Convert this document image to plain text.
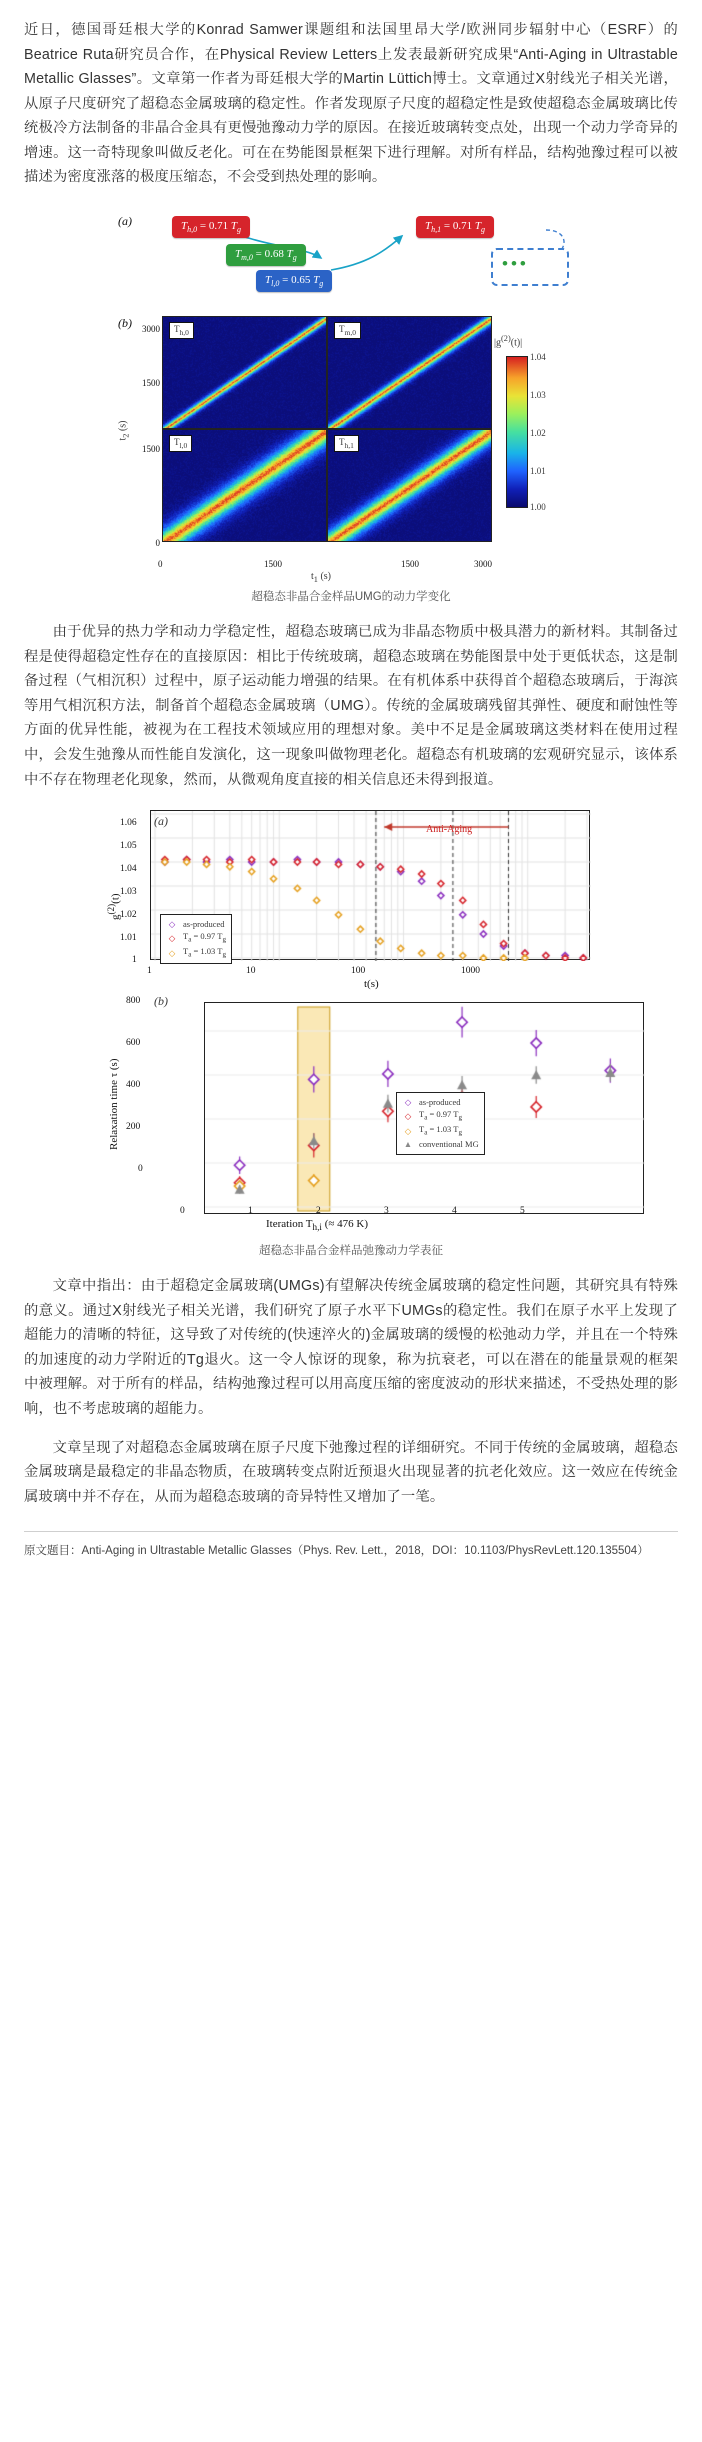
近日，德国哥廷根大学的Konrad Samwer课题组和法国里昂大学/欧洲同步辐射中心（ESRF）的Beatrice Ruta研究员合作，在Physical Review Letters上发表最新研究成果“Anti-Aging in Ultrastable Metallic Glasses”。文章第一作者为哥廷根大学的Martin Lüttich博士。文章通过X射线光子相关光谱，从原子尺度研究了超稳态金属玻璃的稳定性。作者发现原子尺度的超稳定性是致使超稳态金属玻璃比传统极冷方法制备的非晶合金具有更慢弛豫动力学的原因。在接近玻璃转变点处，出现一个动力学奇异的增速。这一奇特现象叫做反老化。可在在势能图景框架下进行理解。对所有样品，结构弛豫过程可以被描述为密度涨落的极度压缩态，不会受到热处理的影响。

(a)	$T_{h,0} = 0.71$ $T_g$
$T_{m,0} = 0.68$ $T_g$
$T_{l,0} = 0.65$ $T_g$
$T_{h,1} = 0.71$ $T_g$
•••
(b)	3000
1500
1500
0
$t_2$ (s)
$T_{h,0}$	$T_{m,0}$
$T_{l,0}$	$T_{h,1}$
0	1500	1500	3000
$t_1$ (s)
$|g^{(2)}(t)|$
1.04
1.03
1.02
1.01
1.00
超稳态非晶合金样品UMG的动力学变化

由于优异的热力学和动力学稳定性，超稳态玻璃已成为非晶态物质中极具潜力的新材料。其制备过程是使得超稳定性存在的直接原因：相比于传统玻璃，超稳态玻璃在势能图景中处于更低状态，这是制备过程（气相沉积）过程中，原子运动能力增强的结果。在有机体系中获得首个超稳态玻璃后，于海滨等用气相沉积方法，制备首个超稳态金属玻璃（UMG）。传统的金属玻璃残留其弹性、硬度和耐蚀性等方面的优异性能，被视为在工程技术领域应用的理想对象。美中不足是金属玻璃这类材料在使用过程中，会发生弛豫从而性能自发演化，这一现象叫做物理老化。超稳态有机玻璃的宏观研究显示，该体系中不存在物理老化现象，然而，从微观角度直接的相关信息还未得到报道。

(a)
1.06
1.05
1.04
1.03
1.02
1.01
1
$g^{(2)}(t)$
1	10	100	1000
t(s)
Anti-Aging
◇ as-produced
◇ $T_a = 0.97$ $T_g$
◇ $T_a = 1.03$ $T_g$
(b)
800
600
400
200
0
Relaxation time τ (s)
0	1	2	3	4	5
Iteration $T_{h,i}$ (≈ 476 K)
◇ as-produced
◇ $T_a = 0.97$ $T_g$
◇ $T_a = 1.03$ $T_g$
▲ conventional MG
超稳态非晶合金样品弛豫动力学表征

文章中指出：由于超稳定金属玻璃(UMGs)有望解决传统金属玻璃的稳定性问题，其研究具有特殊的意义。通过X射线光子相关光谱，我们研究了原子水平下UMGs的稳定性。我们在原子水平上发现了超能力的清晰的特征，这导致了对传统的(快速淬火的)金属玻璃的缓慢的松弛动力学，并且在一个特殊的加速度的动力学附近的Tg退火。这一令人惊讶的现象，称为抗衰老，可以在潜在的能量景观的框架中被理解。对于所有的样品，结构弛豫过程可以用高度压缩的密度波动的形状来描述，不受热处理的影响，也不考虑玻璃的超能力。

文章呈现了对超稳态金属玻璃在原子尺度下弛豫过程的详细研究。不同于传统的金属玻璃，超稳态金属玻璃是最稳定的非晶态物质，在玻璃转变点附近预退火出现显著的抗老化效应。这一效应在传统金属玻璃中并不存在，从而为超稳态玻璃的奇异特性又增加了一笔。

原文题目：Anti-Aging in Ultrastable Metallic Glasses（Phys. Rev. Lett.，2018，DOI：10.1103/PhysRevLett.120.135504）
